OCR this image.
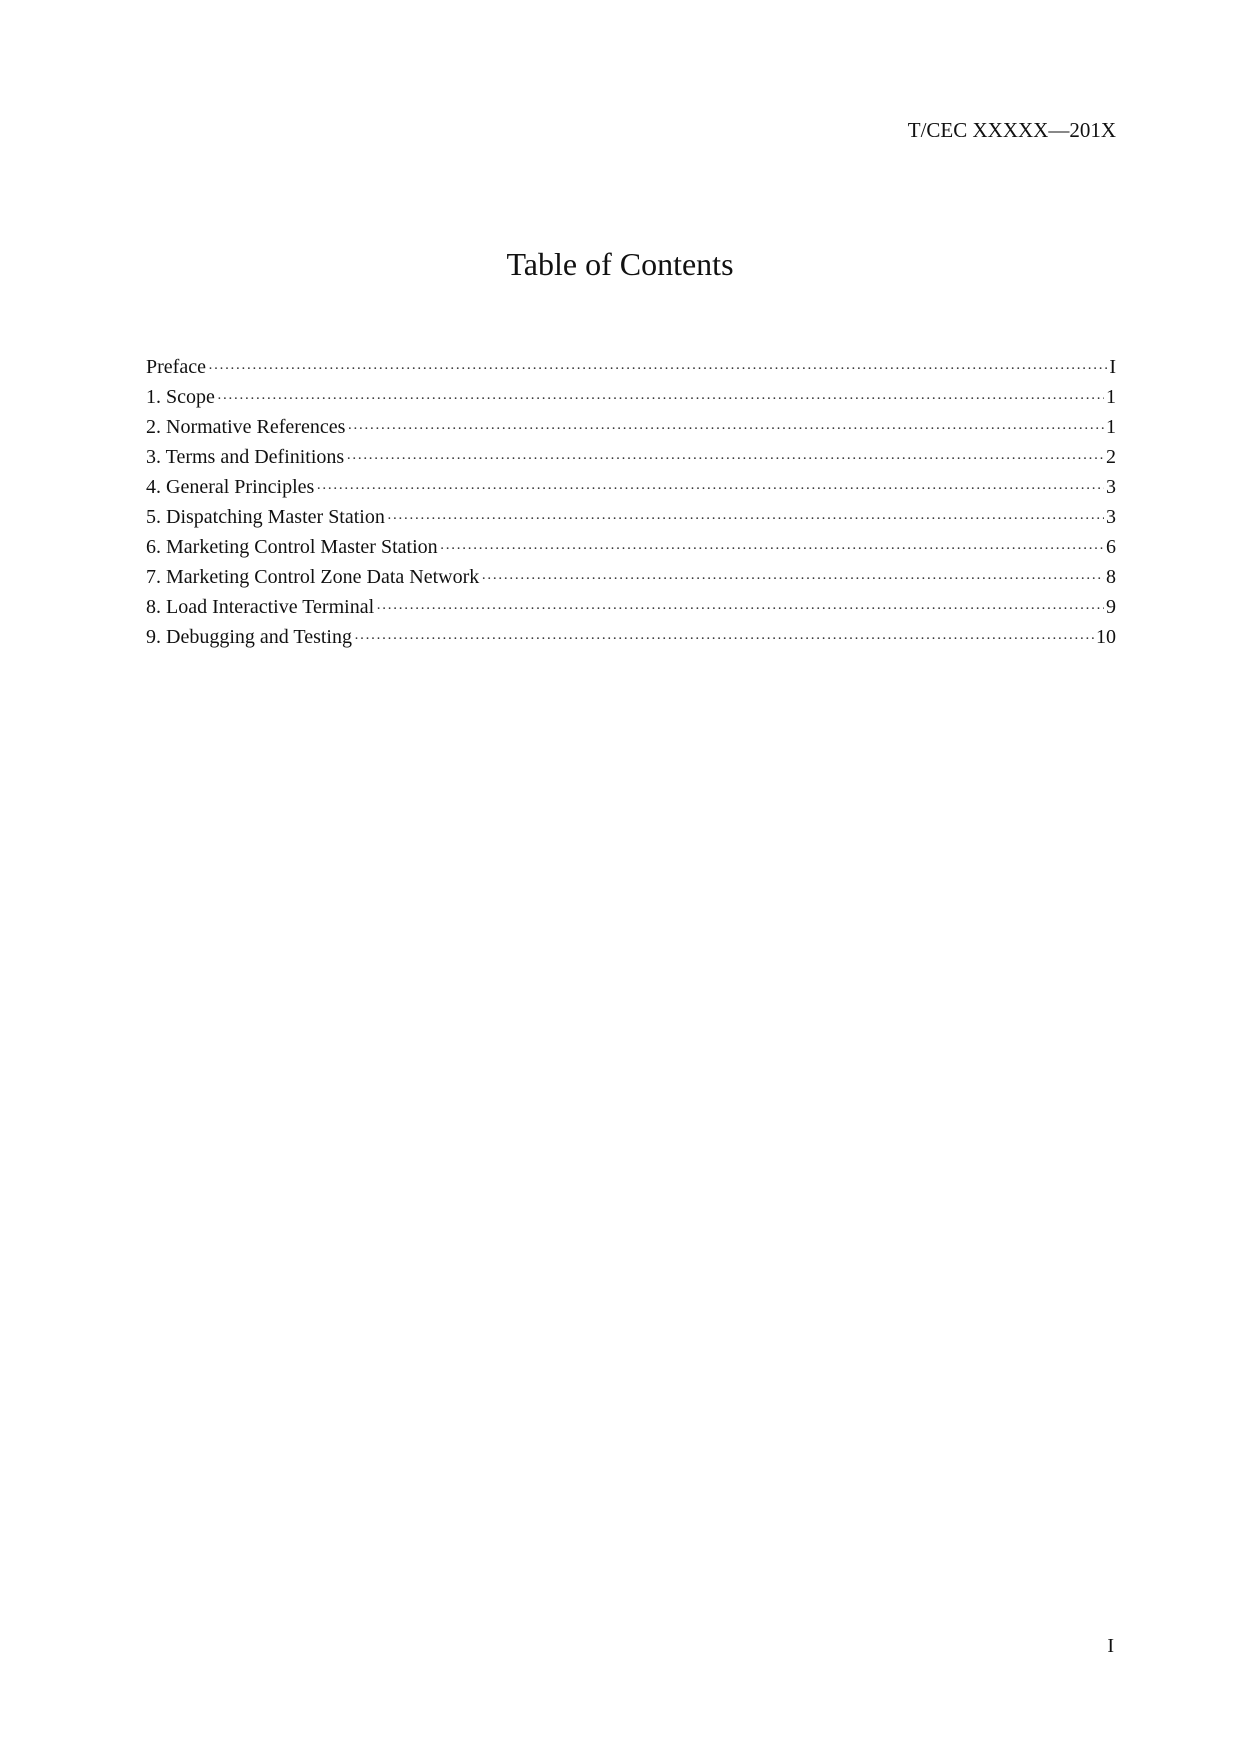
T/CEC XXXXX—201X
Table of Contents
Preface ·····	I
1. Scope ·····	1
2. Normative References ·····	1
3. Terms and Definitions ·····	2
4. General Principles ·····	3
5. Dispatching Master Station ·····	3
6. Marketing Control Master Station ·····	6
7. Marketing Control Zone Data Network ·····	8
8. Load Interactive Terminal ·····	9
9. Debugging and Testing ·····	10
I
